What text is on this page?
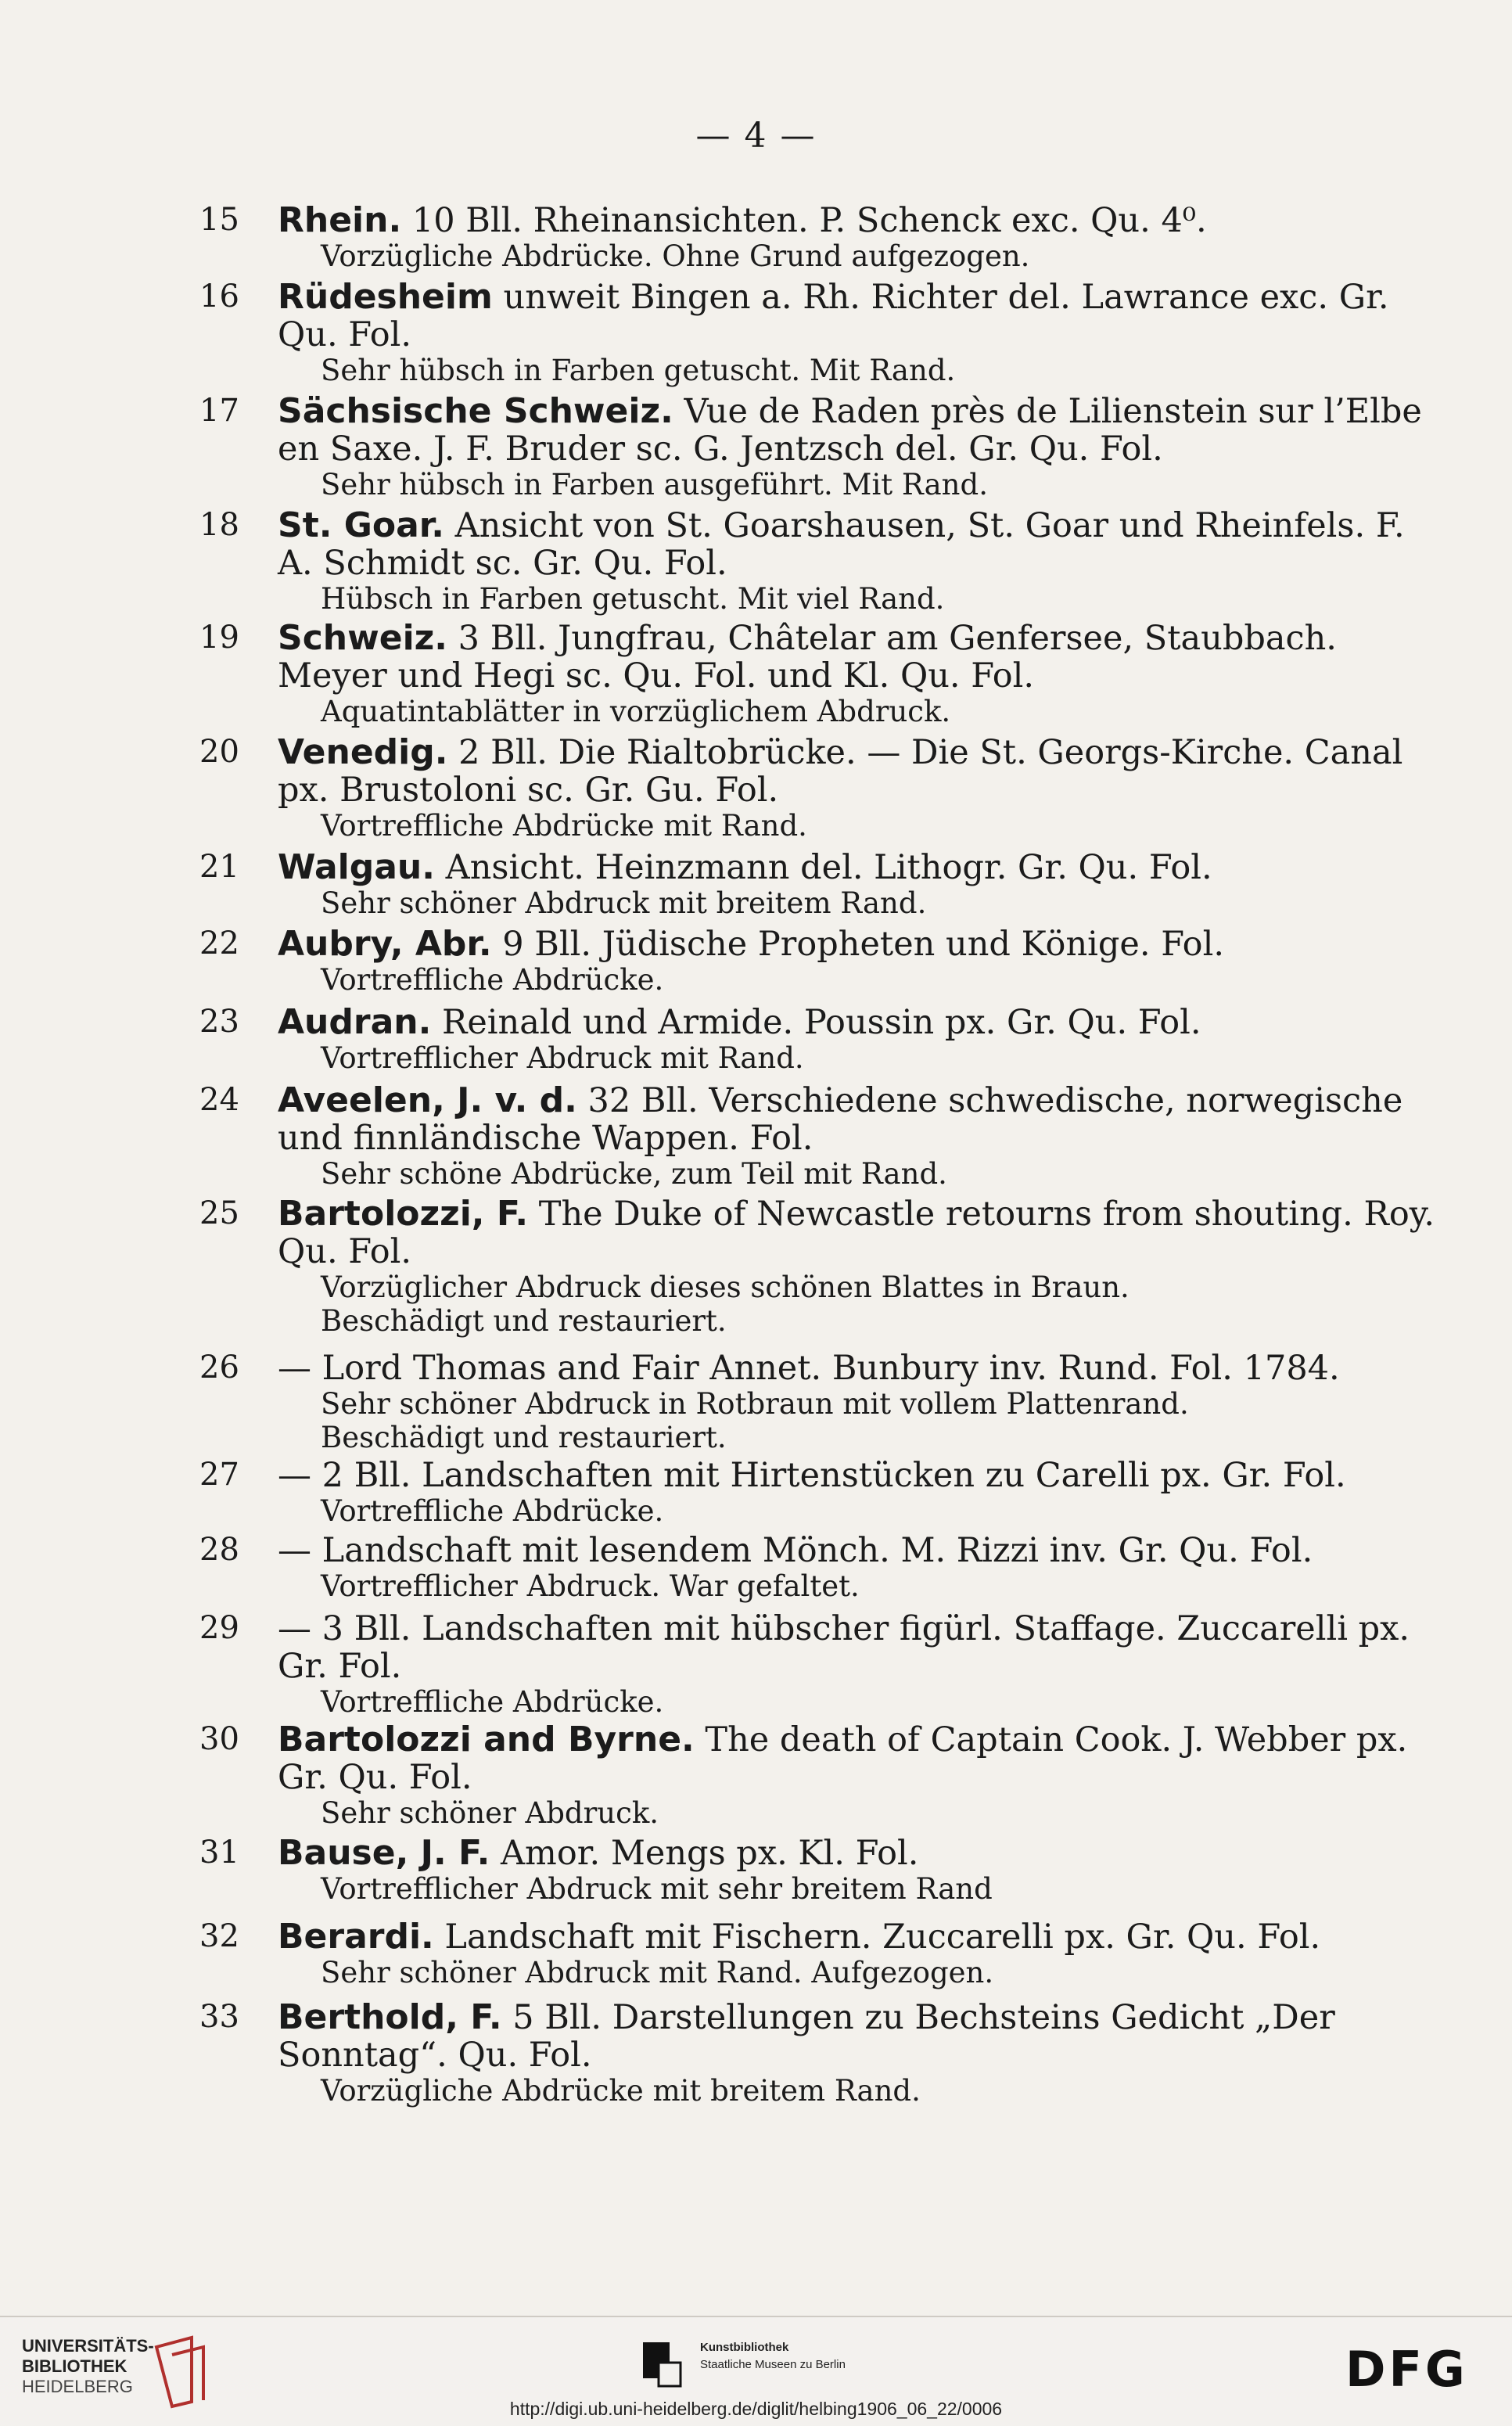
— 4 —
15 Rhein. 10 Bll. Rheinansichten. P. Schenck exc. Qu. 4⁰.
Vorzügliche Abdrücke. Ohne Grund aufgezogen.
16 Rüdesheim unweit Bingen a. Rh. Richter del. Lawrance exc. Gr. Qu. Fol.
Sehr hübsch in Farben getuscht. Mit Rand.
17 Sächsische Schweiz. Vue de Raden près de Lilienstein sur l’Elbe en Saxe. J. F. Bruder sc. G. Jentzsch del. Gr. Qu. Fol.
Sehr hübsch in Farben ausgeführt. Mit Rand.
18 St. Goar. Ansicht von St. Goarshausen, St. Goar und Rheinfels. F. A. Schmidt sc. Gr. Qu. Fol.
Hübsch in Farben getuscht. Mit viel Rand.
19 Schweiz. 3 Bll. Jungfrau, Châtelar am Genfersee, Staubbach. Meyer und Hegi sc. Qu. Fol. und Kl. Qu. Fol.
Aquatintablätter in vorzüglichem Abdruck.
20 Venedig. 2 Bll. Die Rialtobrücke. — Die St. Georgs-Kirche. Canal px. Brustoloni sc. Gr. Gu. Fol.
Vortreffliche Abdrücke mit Rand.
21 Walgau. Ansicht. Heinzmann del. Lithogr. Gr. Qu. Fol.
Sehr schöner Abdruck mit breitem Rand.
22 Aubry, Abr. 9 Bll. Jüdische Propheten und Könige. Fol.
Vortreffliche Abdrücke.
23 Audran. Reinald und Armide. Poussin px. Gr. Qu. Fol.
Vortrefflicher Abdruck mit Rand.
24 Aveelen, J. v. d. 32 Bll. Verschiedene schwedische, norwegische und finnländische Wappen. Fol.
Sehr schöne Abdrücke, zum Teil mit Rand.
25 Bartolozzi, F. The Duke of Newcastle retourns from shouting. Roy. Qu. Fol.
Vorzüglicher Abdruck dieses schönen Blattes in Braun.
Beschädigt und restauriert.
26 — Lord Thomas and Fair Annet. Bunbury inv. Rund. Fol. 1784.
Sehr schöner Abdruck in Rotbraun mit vollem Plattenrand.
Beschädigt und restauriert.
27 — 2 Bll. Landschaften mit Hirtenstücken zu Carelli px. Gr. Fol.
Vortreffliche Abdrücke.
28 — Landschaft mit lesendem Mönch. M. Rizzi inv. Gr. Qu. Fol.
Vortrefflicher Abdruck. War gefaltet.
29 — 3 Bll. Landschaften mit hübscher figürl. Staffage. Zuccarelli px. Gr. Fol.
Vortreffliche Abdrücke.
30 Bartolozzi and Byrne. The death of Captain Cook. J. Webber px. Gr. Qu. Fol.
Sehr schöner Abdruck.
31 Bause, J. F. Amor. Mengs px. Kl. Fol.
Vortrefflicher Abdruck mit sehr breitem Rand
32 Berardi. Landschaft mit Fischern. Zuccarelli px. Gr. Qu. Fol.
Sehr schöner Abdruck mit Rand. Aufgezogen.
33 Berthold, F. 5 Bll. Darstellungen zu Bechsteins Gedicht „Der Sonntag“. Qu. Fol.
Vorzügliche Abdrücke mit breitem Rand.
UNIVERSITÄTS-
BIBLIOTHEK
HEIDELBERG
Kunstbibliothek
Staatliche Museen zu Berlin	DFG
http://digi.ub.uni-heidelberg.de/diglit/helbing1906_06_22/0006
